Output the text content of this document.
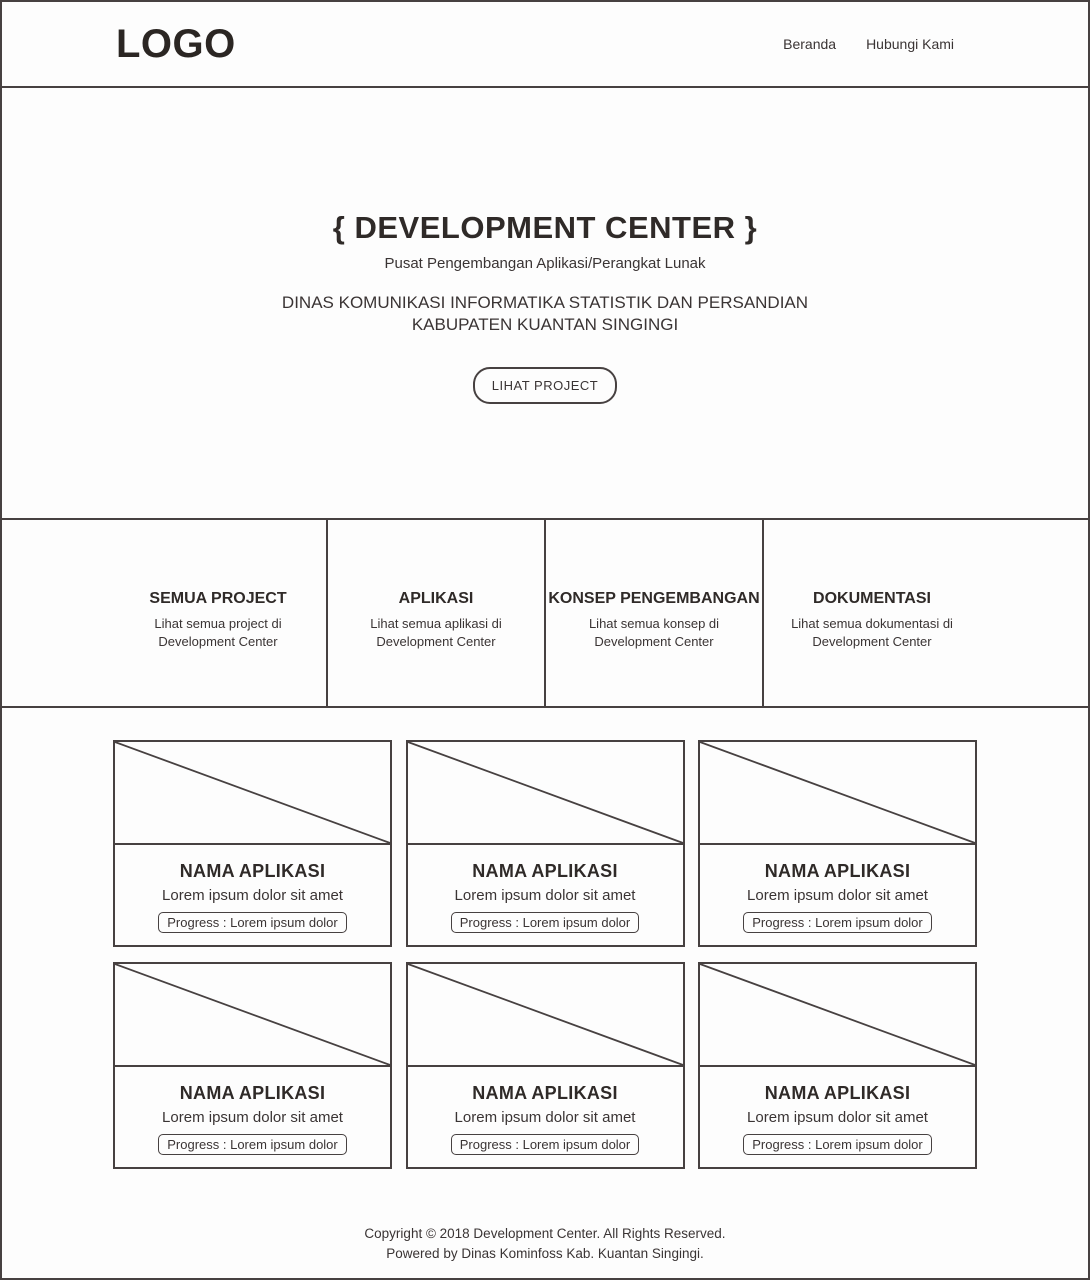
LOGO	Beranda Hubungi Kami
{ DEVELOPMENT CENTER }
Pusat Pengembangan Aplikasi/Perangkat Lunak
DINAS KOMUNIKASI INFORMATIKA STATISTIK DAN PERSANDIAN
KABUPATEN KUANTAN SINGINGI
LIHAT PROJECT
SEMUA PROJECT
Lihat semua project di Development Center
APLIKASI
Lihat semua aplikasi di Development Center
KONSEP PENGEMBANGAN
Lihat semua konsep di Development Center
DOKUMENTASI
Lihat semua dokumentasi di Development Center
NAMA APLIKASI
Lorem ipsum dolor sit amet
Progress : Lorem ipsum dolor
NAMA APLIKASI
Lorem ipsum dolor sit amet
Progress : Lorem ipsum dolor
NAMA APLIKASI
Lorem ipsum dolor sit amet
Progress : Lorem ipsum dolor
NAMA APLIKASI
Lorem ipsum dolor sit amet
Progress : Lorem ipsum dolor
NAMA APLIKASI
Lorem ipsum dolor sit amet
Progress : Lorem ipsum dolor
NAMA APLIKASI
Lorem ipsum dolor sit amet
Progress : Lorem ipsum dolor
Copyright © 2018 Development Center. All Rights Reserved.
Powered by Dinas Kominfoss Kab. Kuantan Singingi.
